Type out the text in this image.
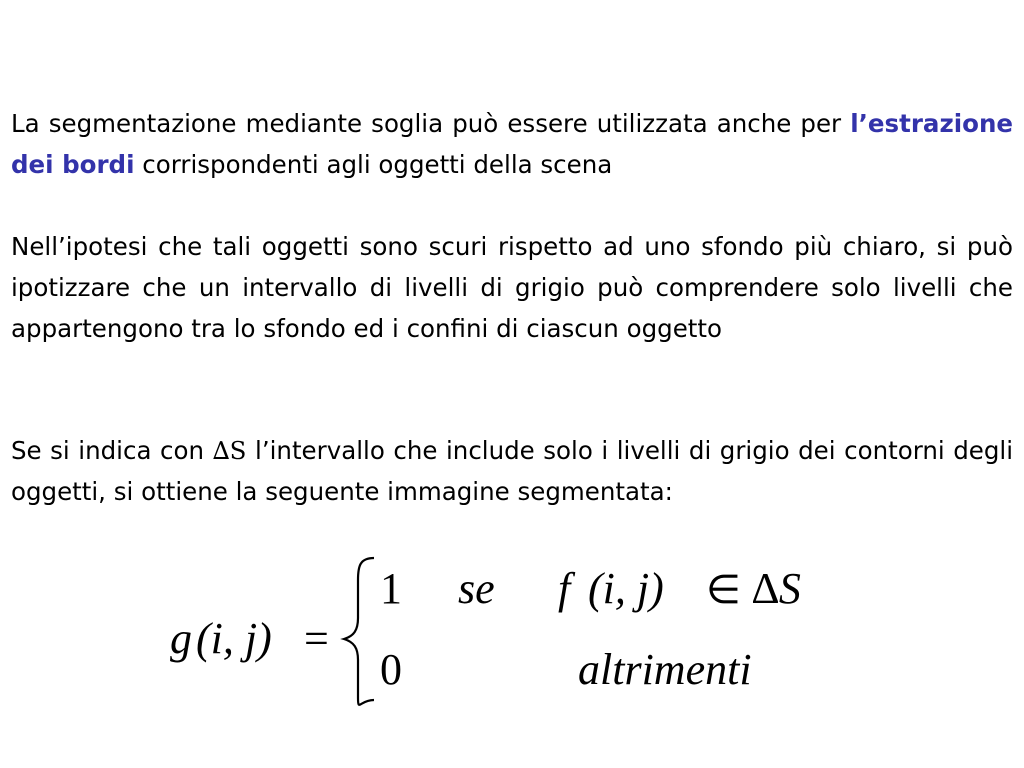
La segmentazione mediante soglia può essere utilizzata anche per l’estrazione dei bordi corrispondenti agli oggetti della scena

Nell’ipotesi che tali oggetti sono scuri rispetto ad uno sfondo più chiaro, si può ipotizzare che un intervallo di livelli di grigio può comprendere solo livelli che appartengono tra lo sfondo ed i confini di ciascun oggetto

Se si indica con ∆S l’intervallo che include solo i livelli di grigio dei contorni degli oggetti, si ottiene la seguente immagine segmentata:

g (i, j) =
1 se f (i, j) ∈ ∆S
0	altrimenti
